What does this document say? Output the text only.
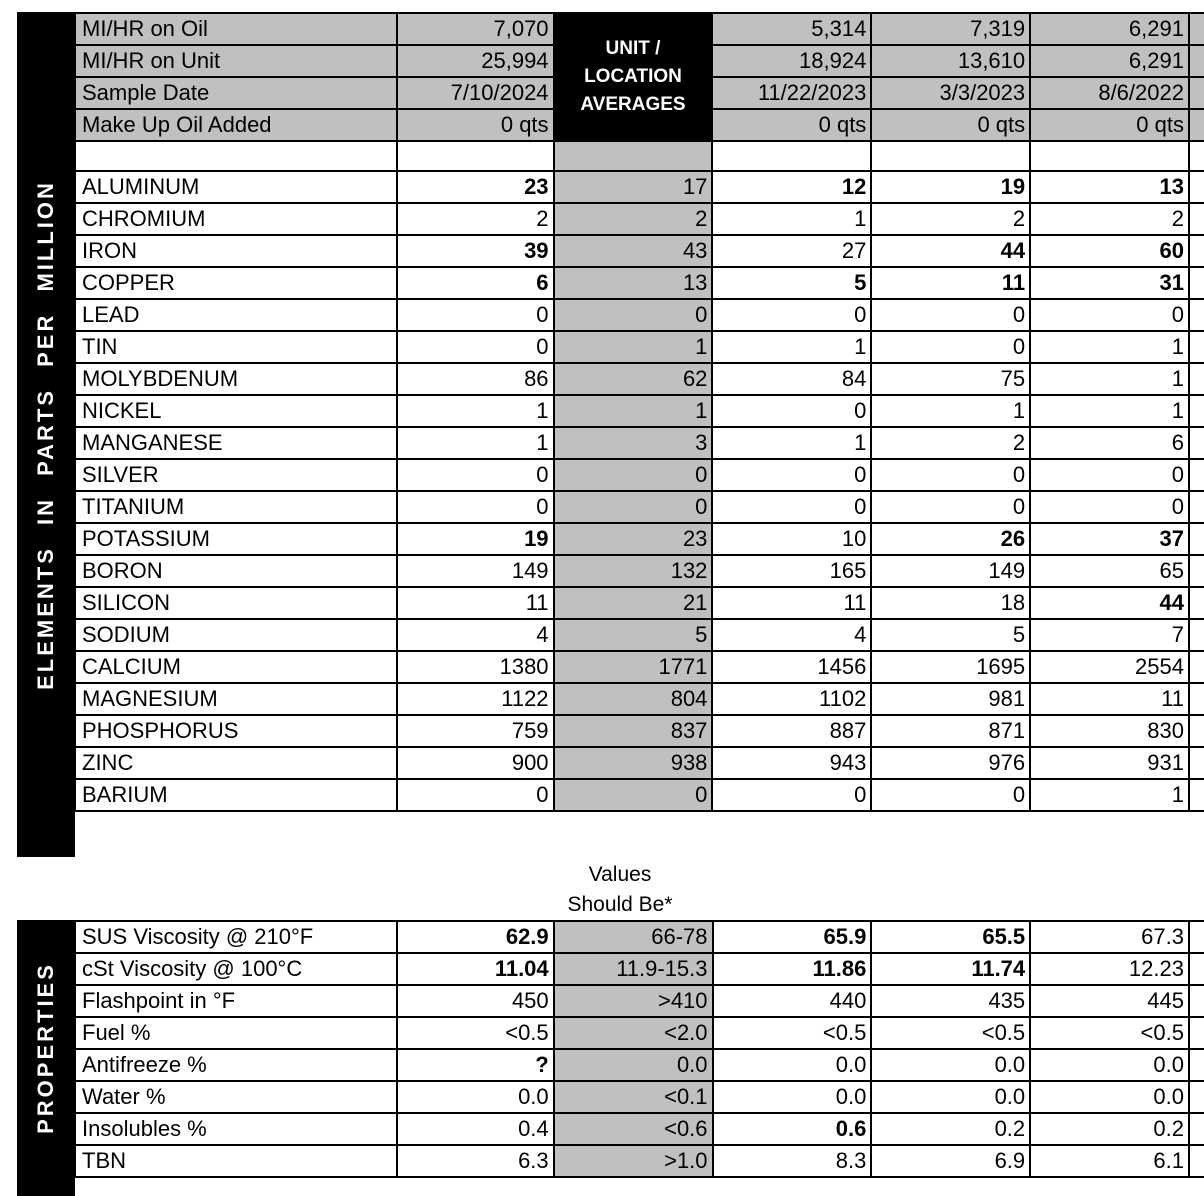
ELEMENTS IN PARTS PER MILLION
MI/HR on Oil	7,070	UNIT / LOCATION AVERAGES	5,314	7,319	6,291	
MI/HR on Unit	25,994		18,924	13,610	6,291	
Sample Date	7/10/2024		11/22/2023	3/3/2023	8/6/2022	
Make Up Oil Added	0 qts		0 qts	0 qts	0 qts	

ALUMINUM	23	17	12	19	13	
CHROMIUM	2	2	1	2	2	
IRON	39	43	27	44	60	
COPPER	6	13	5	11	31	
LEAD	0	0	0	0	0	
TIN	0	1	1	0	1	
MOLYBDENUM	86	62	84	75	1	
NICKEL	1	1	0	1	1	
MANGANESE	1	3	1	2	6	
SILVER	0	0	0	0	0	
TITANIUM	0	0	0	0	0	
POTASSIUM	19	23	10	26	37	
BORON	149	132	165	149	65	
SILICON	11	21	11	18	44	
SODIUM	4	5	4	5	7	
CALCIUM	1380	1771	1456	1695	2554	
MAGNESIUM	1122	804	1102	981	11	
PHOSPHORUS	759	837	887	871	830	
ZINC	900	938	943	976	931	
BARIUM	0	0	0	0	1	
Values
Should Be*
PROPERTIES
SUS Viscosity @ 210°F	62.9	66-78	65.9	65.5	67.3	
cSt Viscosity @ 100°C	11.04	11.9-15.3	11.86	11.74	12.23	
Flashpoint in °F	450	>410	440	435	445	
Fuel %	<0.5	<2.0	<0.5	<0.5	<0.5	
Antifreeze %	?	0.0	0.0	0.0	0.0	
Water %	0.0	<0.1	0.0	0.0	0.0	
Insolubles %	0.4	<0.6	0.6	0.2	0.2	
TBN	6.3	>1.0	8.3	6.9	6.1	
